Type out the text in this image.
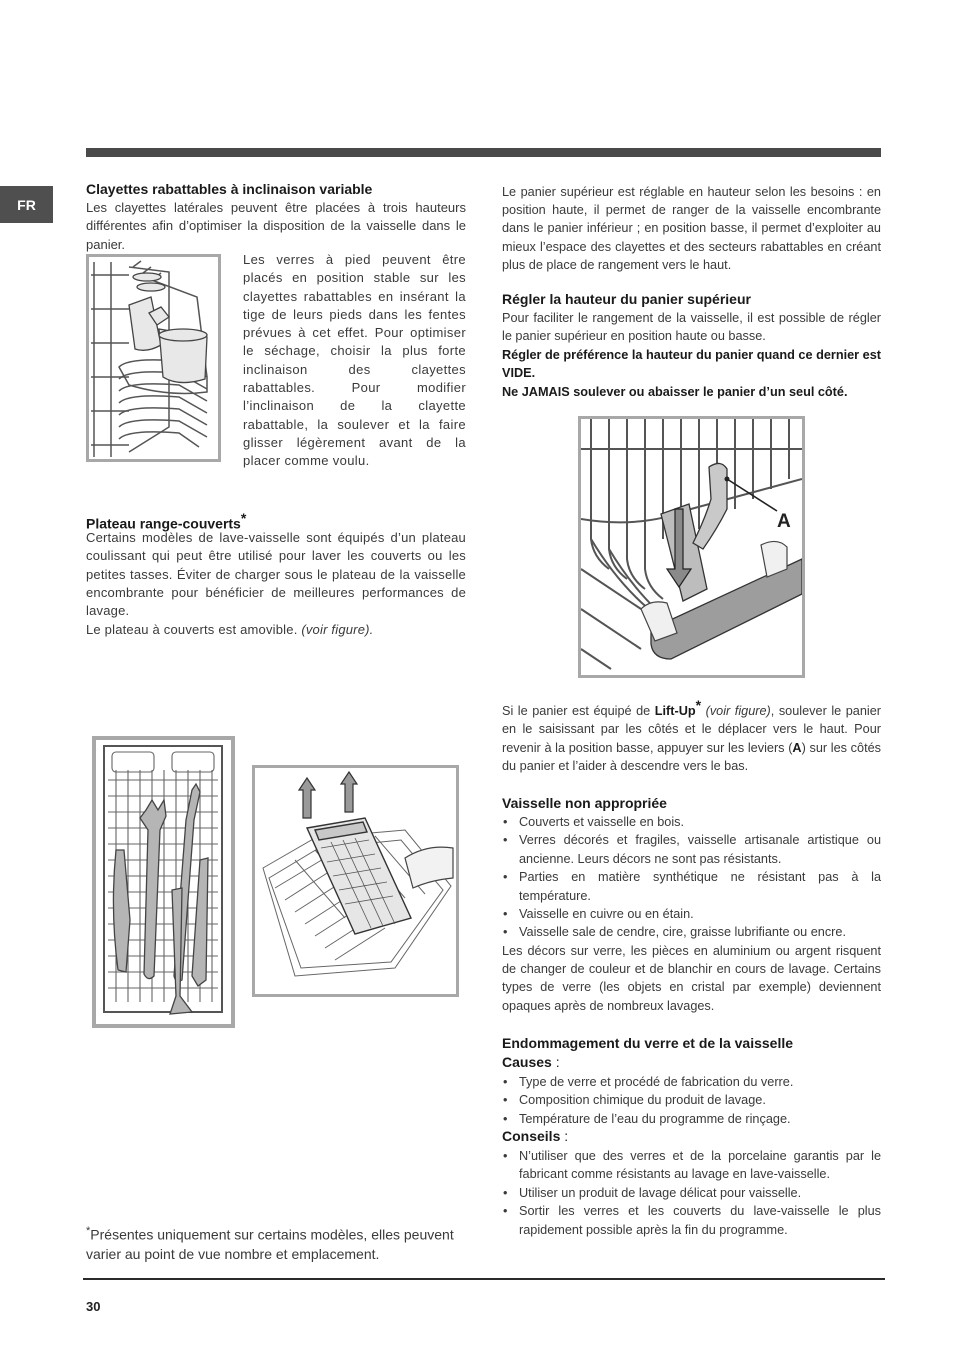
FR
Clayettes rabattables à inclinaison variable
Les clayettes latérales peuvent être placées à trois hauteurs différentes afin d’optimiser la disposition de la vaisselle dans le panier.
Les verres à pied peuvent être placés en position stable sur les clayettes rabattables en insérant la tige de leurs pieds dans les fentes prévues à cet effet. Pour optimiser le séchage, choisir la plus forte inclinaison des clayettes rabattables. Pour modifier l’inclinaison de la clayette rabattable, la soulever et la faire glisser légèrement avant de la placer comme voulu.
Plateau range-couverts*
Certains modèles de lave-vaisselle sont équipés d’un plateau coulissant qui peut être utilisé pour laver les couverts ou les petites tasses. Éviter de charger sous le plateau de la vaisselle encombrante pour bénéficier de meilleures performances de lavage.
Le plateau à couverts est amovible. (voir figure).
*Présentes uniquement sur certains modèles, elles peuvent varier au point de vue nombre et emplacement.
Le panier supérieur est réglable en hauteur selon les besoins : en position haute, il permet de ranger de la vaisselle encombrante dans le panier inférieur ; en position basse, il permet d’exploiter au mieux l’espace des clayettes et des secteurs rabattables en créant plus de place de rangement vers le haut.
Régler la hauteur du panier supérieur
Pour faciliter le rangement de la vaisselle, il est possible de régler le panier supérieur en position haute ou basse.
Régler de préférence la hauteur du panier quand ce dernier est VIDE.
Ne JAMAIS soulever ou abaisser le panier d’un seul côté.
A
Si le panier est équipé de Lift-Up* (voir figure), soulever le panier en le saisissant par les côtés et le déplacer vers le haut. Pour revenir à la position basse, appuyer sur les leviers (A) sur les côtés du panier et l’aider à descendre vers le bas.
Vaisselle non appropriée
• Couverts et vaisselle en bois.
• Verres décorés et fragiles, vaisselle artisanale artistique ou ancienne. Leurs décors ne sont pas résistants.
• Parties en matière synthétique ne résistant pas à la température.
• Vaisselle en cuivre ou en étain.
• Vaisselle sale de cendre, cire, graisse lubrifiante ou encre.
Les décors sur verre, les pièces en aluminium ou argent risquent de changer de couleur et de blanchir en cours de lavage. Certains types de verre (les objets en cristal par exemple) deviennent opaques après de nombreux lavages.
Endommagement du verre et de la vaisselle
Causes :
• Type de verre et procédé de fabrication du verre.
• Composition chimique du produit de lavage.
• Température de l’eau du programme de rinçage.
Conseils :
• N’utiliser que des verres et de la porcelaine garantis par le fabricant comme résistants au lavage en lave-vaisselle.
• Utiliser un produit de lavage délicat pour vaisselle.
• Sortir les verres et les couverts du lave-vaisselle le plus rapidement possible après la fin du programme.
30
